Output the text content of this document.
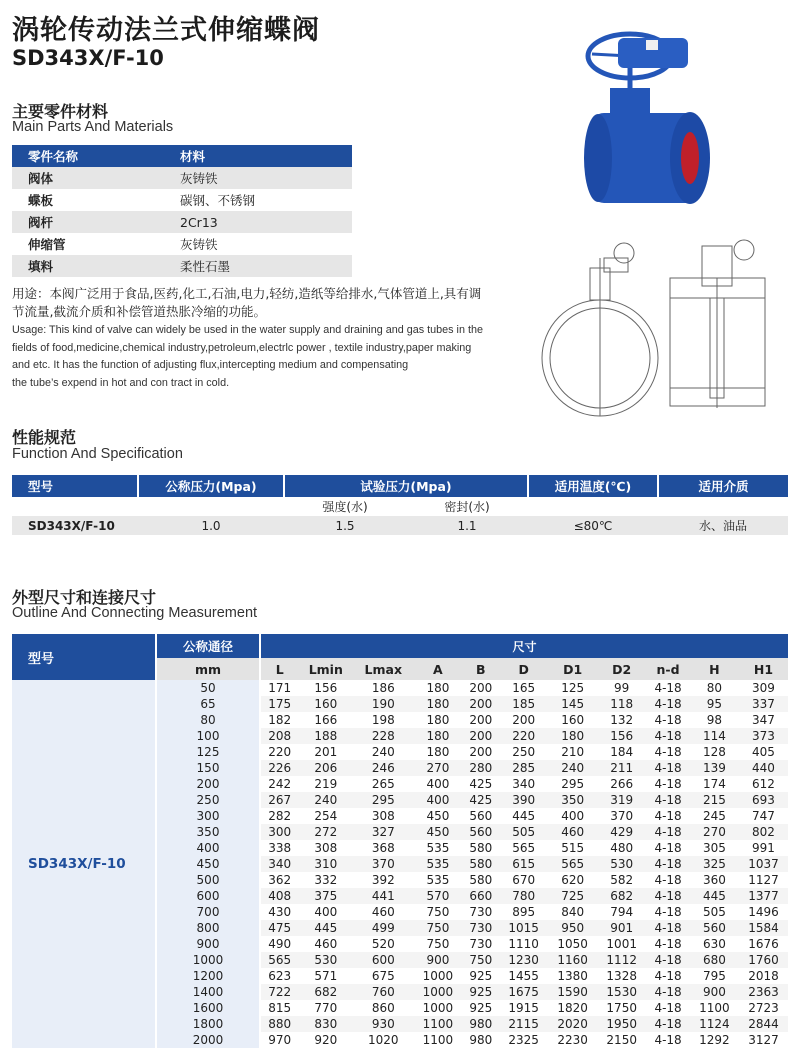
涡轮传动法兰式伸缩蝶阀
SD343X/F-10
主要零件材料
Main Parts And Materials
零件名称	材料
阀体	灰铸铁
蝶板	碳钢、不锈钢
阀杆	2Cr13
伸缩管	灰铸铁
填料	柔性石墨
用途：本阀广泛用于食品,医药,化工,石油,电力,轻纺,造纸等给排水,气体管道上,具有调节流量,截流介质和补偿管道热胀冷缩的功能。
Usage: This kind of valve can widely be used in the water supply and draining and gas tubes in the
fields of food,medicine,chemical industry,petroleum,electrlc power , textile industry,paper making
and etc. It has the function of adjusting flux,intercepting medium and compensating
the tube’s expend in hot and con tract in cold.
性能规范
Function And Specification
型号	公称压力(Mpa)	试验压力(Mpa)		适用温度(℃)	适用介质
		强度(水)	密封(水)		
SD343X/F-10	1.0	1.5	1.1	≤80℃	水、油品
外型尺寸和连接尺寸
Outline And Connecting Measurement
型号	公称通径	尺寸										
	mm	L	Lmin	Lmax	A	B	D	D1	D2	n-d	H	H1
SD343X/F-10	50	171	156	186	180	200	165	125	99	4-18	80	309
	65	175	160	190	180	200	185	145	118	4-18	95	337
	80	182	166	198	180	200	200	160	132	4-18	98	347
	100	208	188	228	180	200	220	180	156	4-18	114	373
	125	220	201	240	180	200	250	210	184	4-18	128	405
	150	226	206	246	270	280	285	240	211	4-18	139	440
	200	242	219	265	400	425	340	295	266	4-18	174	612
	250	267	240	295	400	425	390	350	319	4-18	215	693
	300	282	254	308	450	560	445	400	370	4-18	245	747
	350	300	272	327	450	560	505	460	429	4-18	270	802
	400	338	308	368	535	580	565	515	480	4-18	305	991
	450	340	310	370	535	580	615	565	530	4-18	325	1037
	500	362	332	392	535	580	670	620	582	4-18	360	1127
	600	408	375	441	570	660	780	725	682	4-18	445	1377
	700	430	400	460	750	730	895	840	794	4-18	505	1496
	800	475	445	499	750	730	1015	950	901	4-18	560	1584
	900	490	460	520	750	730	1110	1050	1001	4-18	630	1676
	1000	565	530	600	900	750	1230	1160	1112	4-18	680	1760
	1200	623	571	675	1000	925	1455	1380	1328	4-18	795	2018
	1400	722	682	760	1000	925	1675	1590	1530	4-18	900	2363
	1600	815	770	860	1000	925	1915	1820	1750	4-18	1100	2723
	1800	880	830	930	1100	980	2115	2020	1950	4-18	1124	2844
	2000	970	920	1020	1100	980	2325	2230	2150	4-18	1292	3127
